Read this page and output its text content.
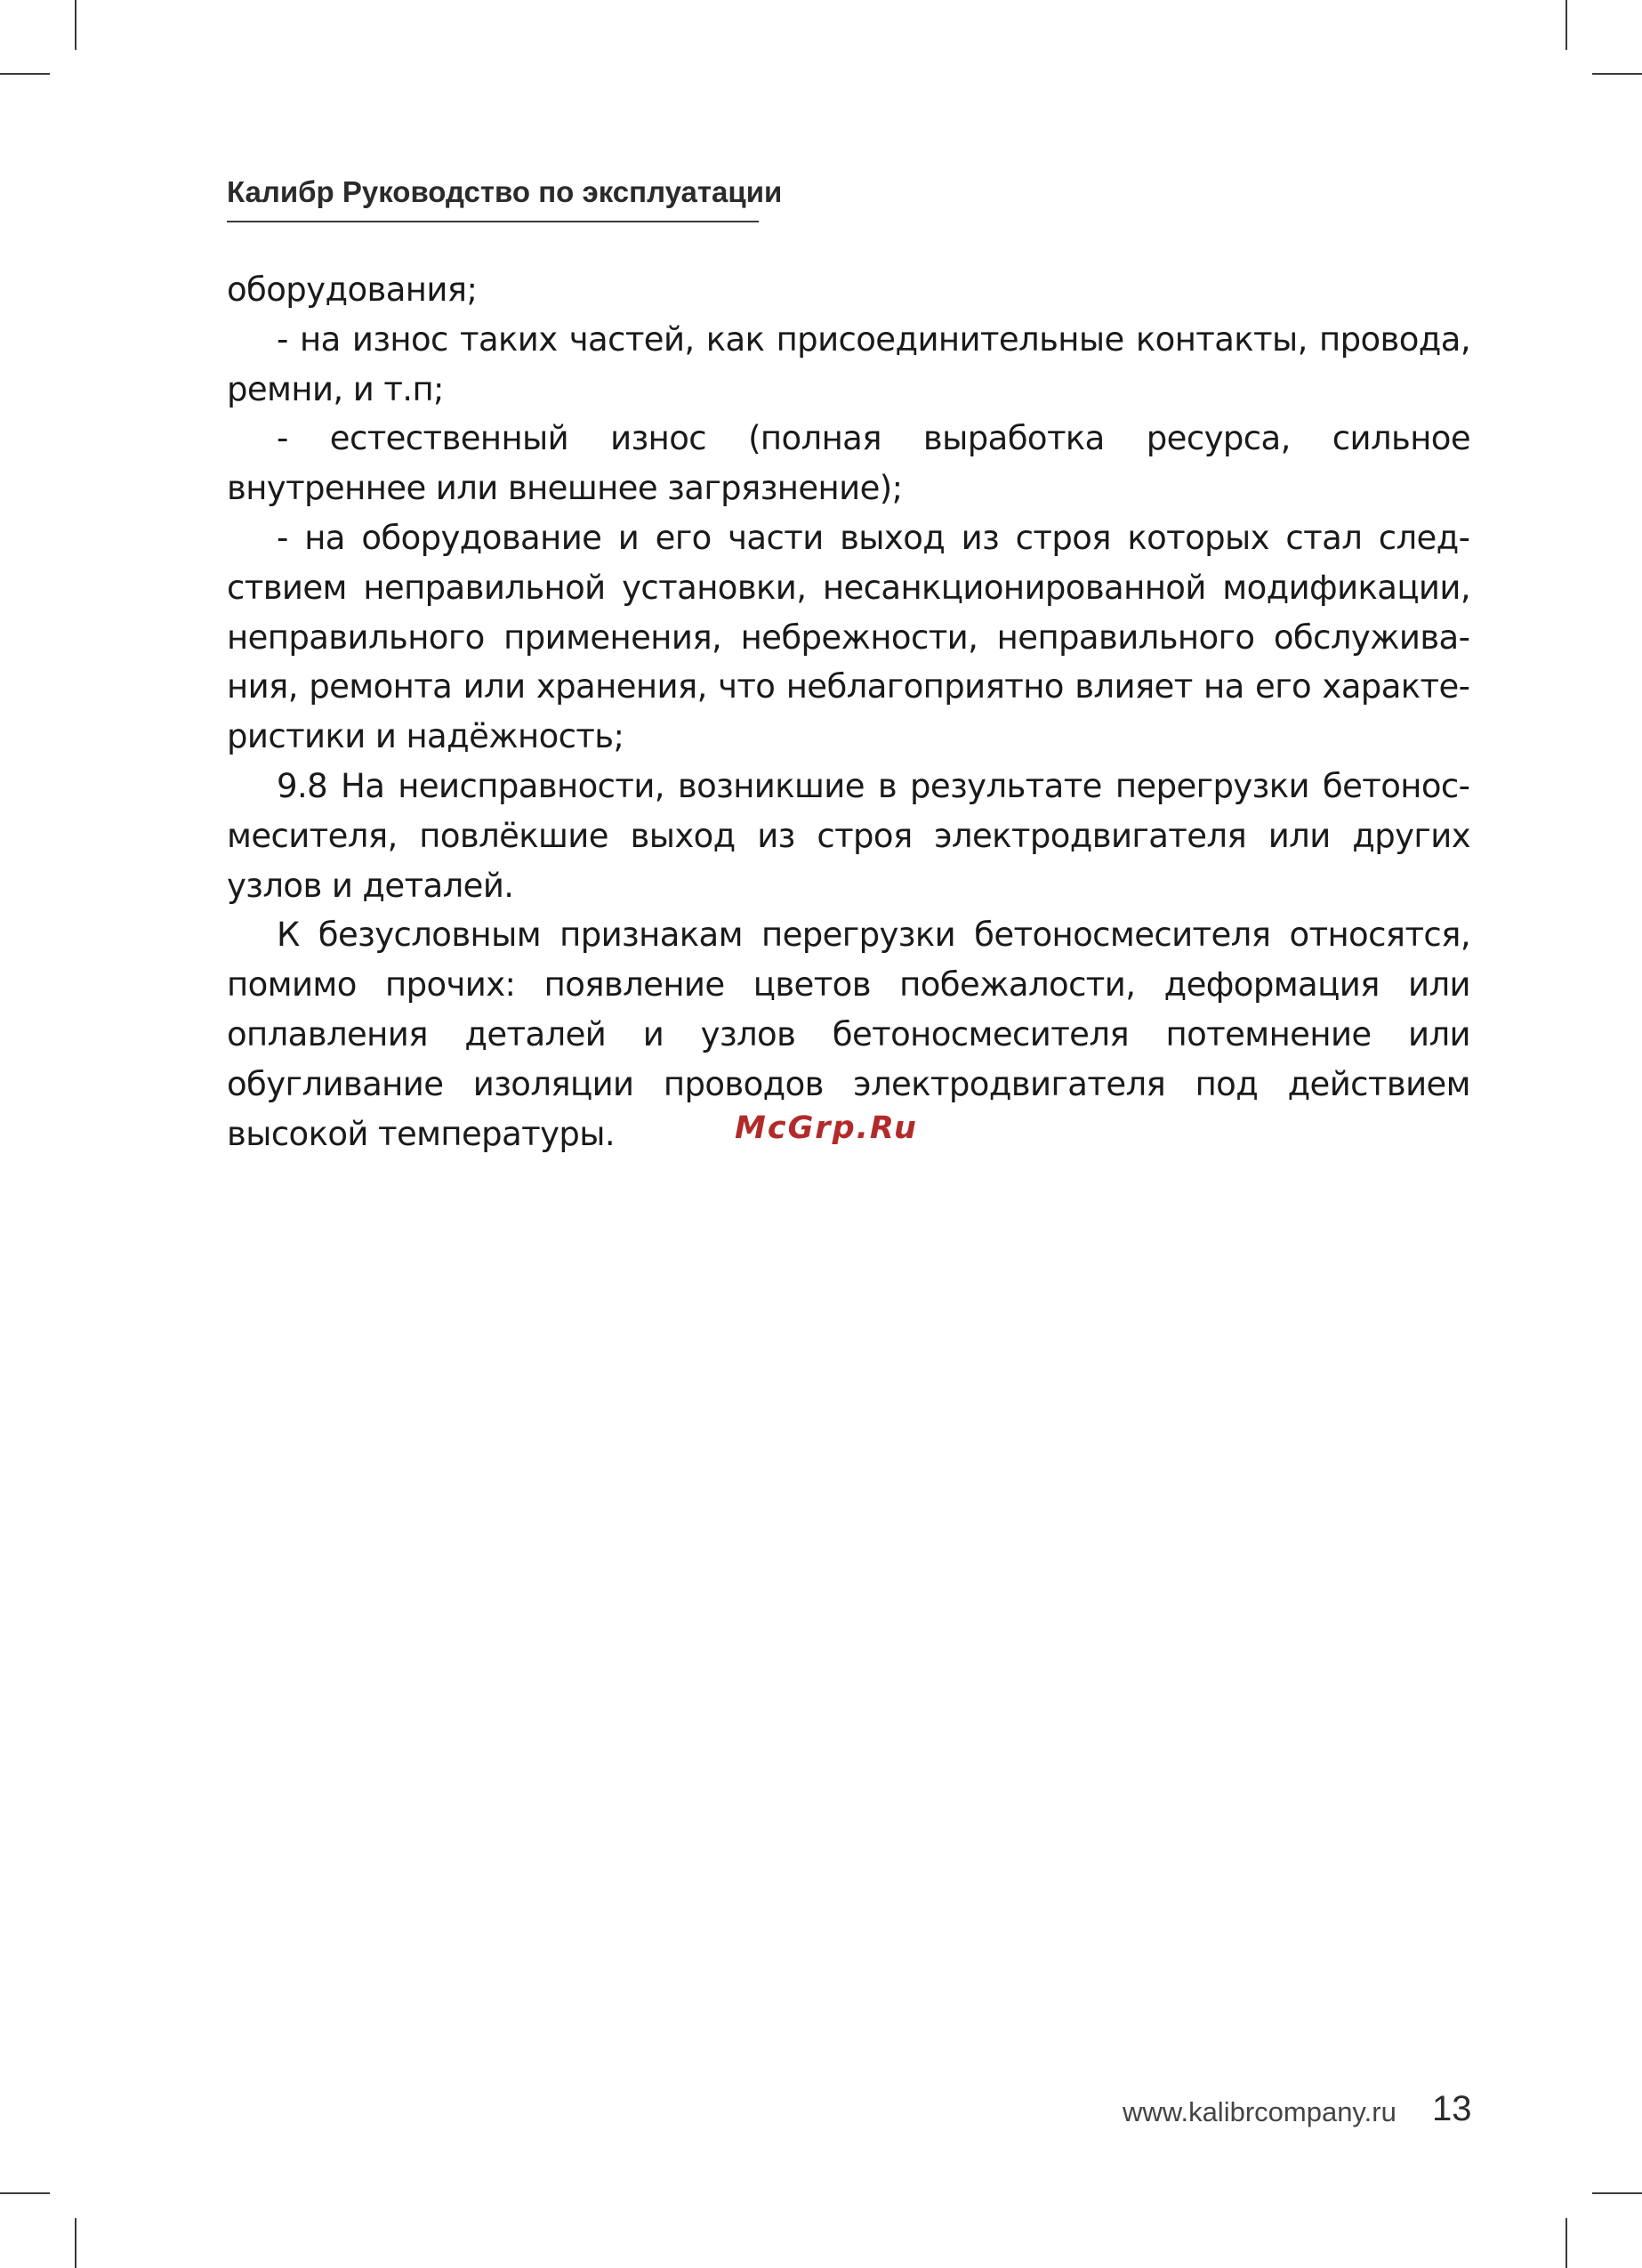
Калибр Руководство по эксплуатации

оборудования;

- на износ таких частей, как присоединительные контакты, провода, ремни, и т.п;

- естественный износ (полная выработка ресурса, сильное внутреннее или внешнее загрязнение);

- на оборудование и его части выход из строя которых стал следствием неправильной установки, несанкционированной модификации, неправильного применения, небрежности, неправильного обслуживания, ремонта или хранения, что неблагоприятно влияет на его характеристики и надёжность;

9.8 На неисправности, возникшие в результате перегрузки бетоносмесителя, повлёкшие выход из строя электродвигателя или других узлов и деталей.

К безусловным признакам перегрузки бетоносмесителя относятся, помимо прочих: появление цветов побежалости, деформация или оплавления деталей и узлов бетоносмесителя потемнение или обугливание изоляции проводов электродвигателя под действием высокой температуры.	McGrp.Ru
www.kalibrcompany.ru 13
